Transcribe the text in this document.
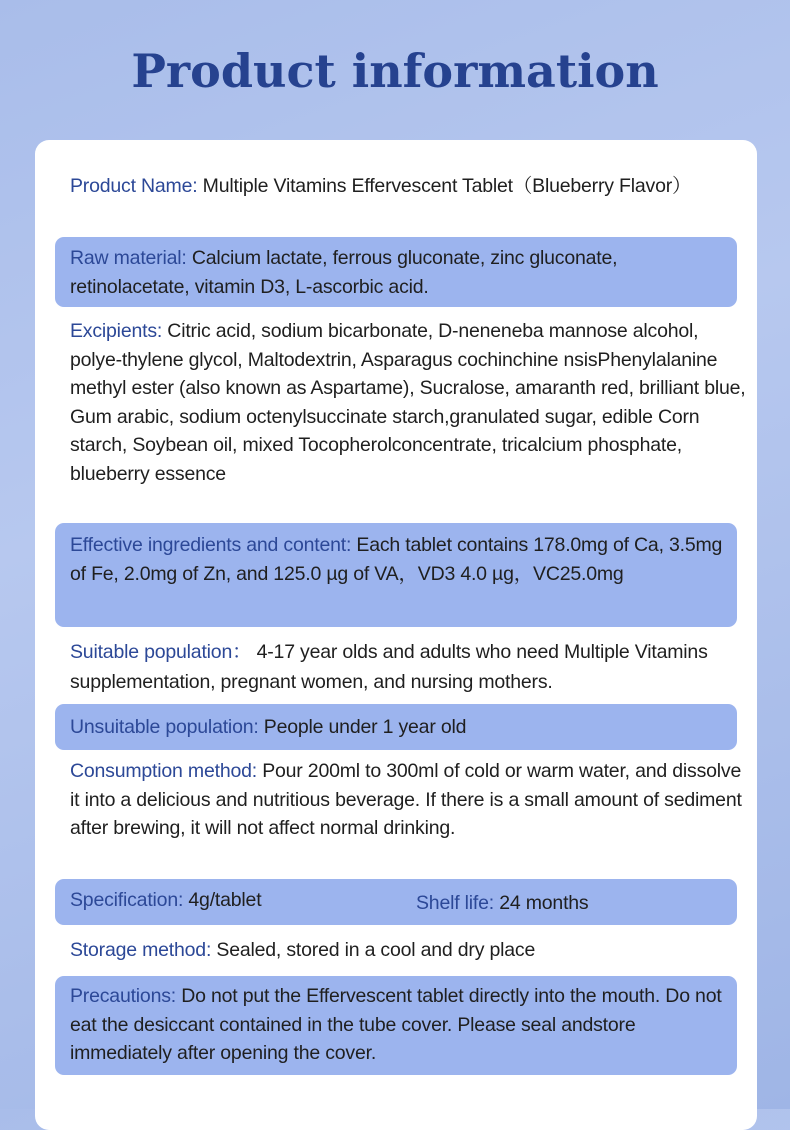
Product information
Product Name: Multiple Vitamins Effervescent Tablet（Blueberry Flavor）
Raw material: Calcium lactate, ferrous gluconate, zinc gluconate, retinolacetate, vitamin D3, L-ascorbic acid.
Excipients: Citric acid, sodium bicarbonate, D-neneneba mannose alcohol, polye-thylene glycol, Maltodextrin, Asparagus cochinchine nsisPhenylalanine methyl ester (also known as Aspartame), Sucralose, amaranth red, brilliant blue, Gum arabic, sodium octenylsuccinate starch,granulated sugar, edible Corn starch, Soybean oil, mixed Tocopherolconcentrate, tricalcium phosphate, blueberry essence
Effective ingredients and content: Each tablet contains 178.0mg of Ca, 3.5mg of Fe, 2.0mg of Zn, and 125.0 µg of VA，VD3 4.0 µg，VC25.0mg
Suitable population： 4-17 year olds and adults who need Multiple Vitamins supplementation, pregnant women, and nursing mothers.
Unsuitable population: People under 1 year old
Consumption method: Pour 200ml to 300ml of cold or warm water, and dissolve it into a delicious and nutritious beverage. If there is a small amount of sediment after brewing, it will not affect normal drinking.
Specification: 4g/tablet	Shelf life: 24 months
Storage method: Sealed, stored in a cool and dry place
Precautions: Do not put the Effervescent tablet directly into the mouth. Do not eat the desiccant contained in the tube cover. Please seal andstore immediately after opening the cover.
